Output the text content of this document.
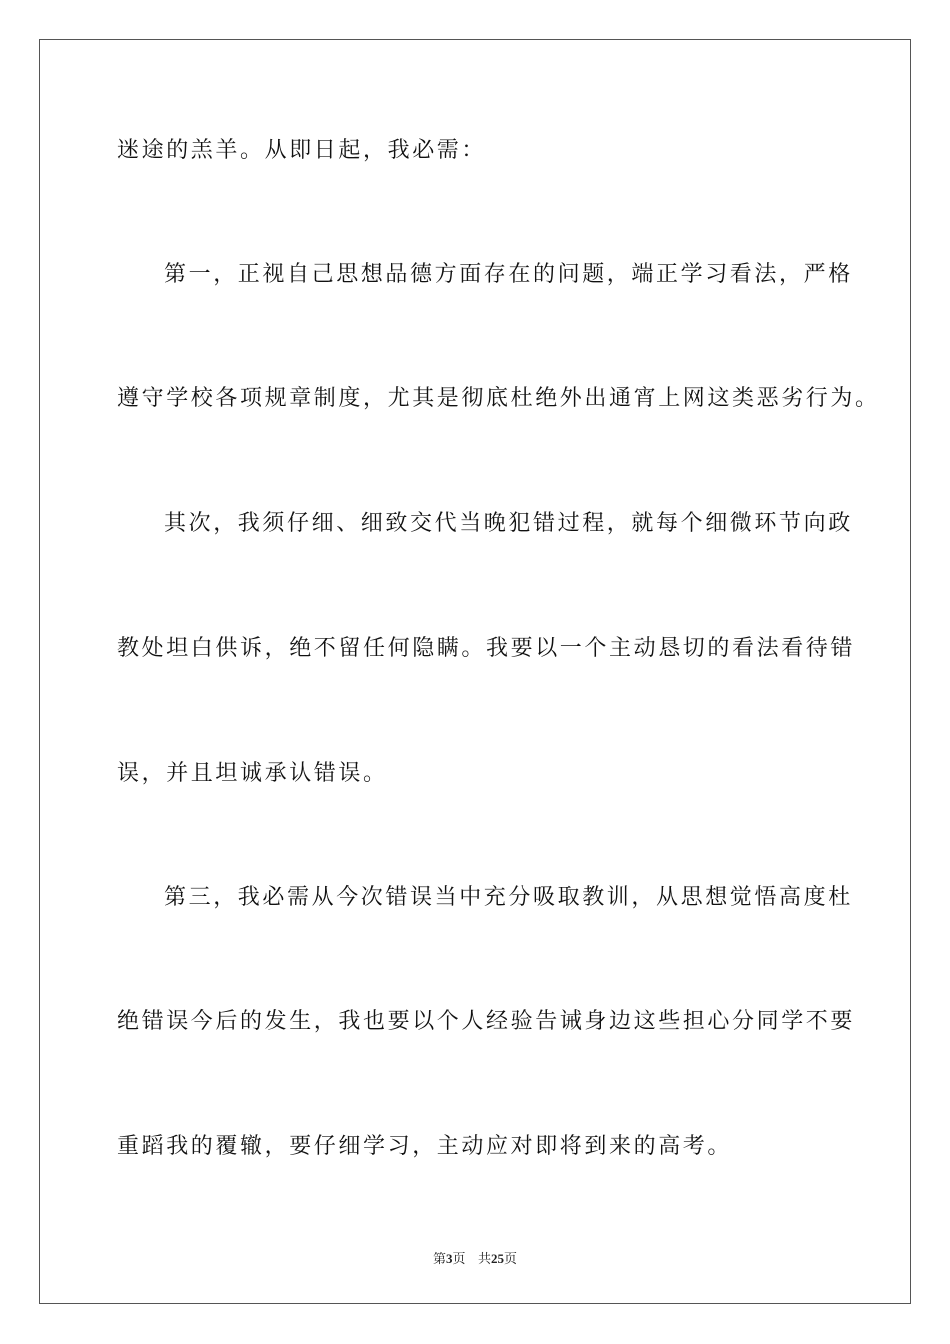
迷途的羔羊。从即日起，我必需：
第一，正视自己思想品德方面存在的问题，端正学习看法，严格
遵守学校各项规章制度，尤其是彻底杜绝外出通宵上网这类恶劣行为。
其次，我须仔细、细致交代当晚犯错过程，就每个细微环节向政
教处坦白供诉，绝不留任何隐瞒。我要以一个主动恳切的看法看待错
误，并且坦诚承认错误。
第三，我必需从今次错误当中充分吸取教训，从思想觉悟高度杜
绝错误今后的发生，我也要以个人经验告诫身边这些担心分同学不要
重蹈我的覆辙，要仔细学习，主动应对即将到来的高考。
第3页 共25页
